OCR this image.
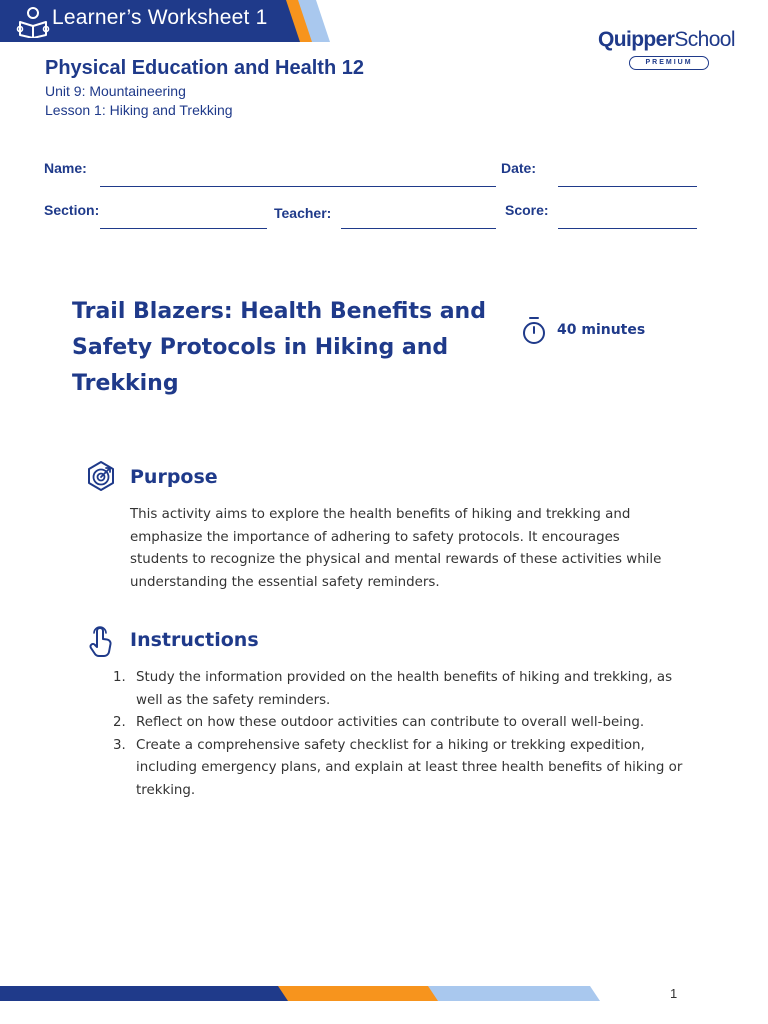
Learner’s Worksheet 1
QuipperSchool
PREMIUM
Physical Education and Health 12
Unit 9: Mountaineering
Lesson 1: Hiking and Trekking
Name:	Date:
Section:	Teacher:	Score:
Trail Blazers: Health Benefits and Safety Protocols in Hiking and Trekking
40 minutes
Purpose
This activity aims to explore the health benefits of hiking and trekking and emphasize the importance of adhering to safety protocols. It encourages students to recognize the physical and mental rewards of these activities while understanding the essential safety reminders.
Instructions
1. Study the information provided on the health benefits of hiking and trekking, as well as the safety reminders.
2. Reflect on how these outdoor activities can contribute to overall well-being.
3. Create a comprehensive safety checklist for a hiking or trekking expedition, including emergency plans, and explain at least three health benefits of hiking or trekking.
1
